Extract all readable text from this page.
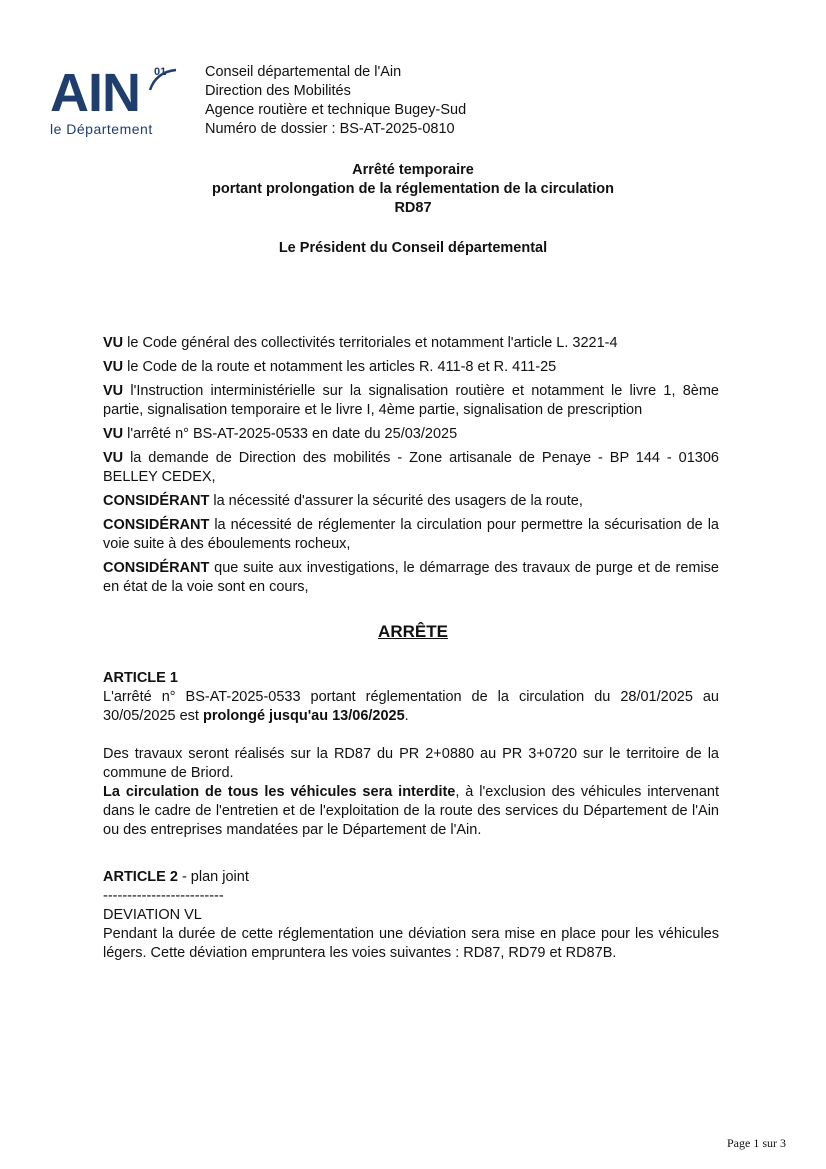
AIN 01
le Département
Conseil départemental de l'Ain
Direction des Mobilités
Agence routière et technique Bugey-Sud
Numéro de dossier : BS-AT-2025-0810
Arrêté temporaire
portant prolongation de la réglementation de la circulation
RD87
Le Président du Conseil départemental

VU le Code général des collectivités territoriales et notamment l'article L. 3221-4

VU le Code de la route et notamment les articles R. 411-8 et R. 411-25

VU l'Instruction interministérielle sur la signalisation routière et notamment le livre 1, 8ème partie, signalisation temporaire et le livre I, 4ème partie, signalisation de prescription

VU l'arrêté n° BS-AT-2025-0533 en date du 25/03/2025

VU la demande de Direction des mobilités - Zone artisanale de Penaye - BP 144 - 01306 BELLEY CEDEX,

CONSIDÉRANT la nécessité d'assurer la sécurité des usagers de la route,

CONSIDÉRANT la nécessité de réglementer la circulation pour permettre la sécurisation de la voie suite à des éboulements rocheux,

CONSIDÉRANT que suite aux investigations, le démarrage des travaux de purge et de remise en état de la voie sont en cours,

ARRÊTE
ARTICLE 1
L'arrêté n° BS-AT-2025-0533 portant réglementation de la circulation du 28/01/2025 au 30/05/2025 est prolongé jusqu'au 13/06/2025.
Des travaux seront réalisés sur la RD87 du PR 2+0880 au PR 3+0720 sur le territoire de la commune de Briord.
La circulation de tous les véhicules sera interdite, à l'exclusion des véhicules intervenant dans le cadre de l'entretien et de l'exploitation de la route des services du Département de l'Ain ou des entreprises mandatées par le Département de l'Ain.
ARTICLE 2 - plan joint
-------------------------
DEVIATION VL
Pendant la durée de cette réglementation une déviation sera mise en place pour les véhicules légers. Cette déviation empruntera les voies suivantes : RD87, RD79 et RD87B.
Page 1 sur 3
